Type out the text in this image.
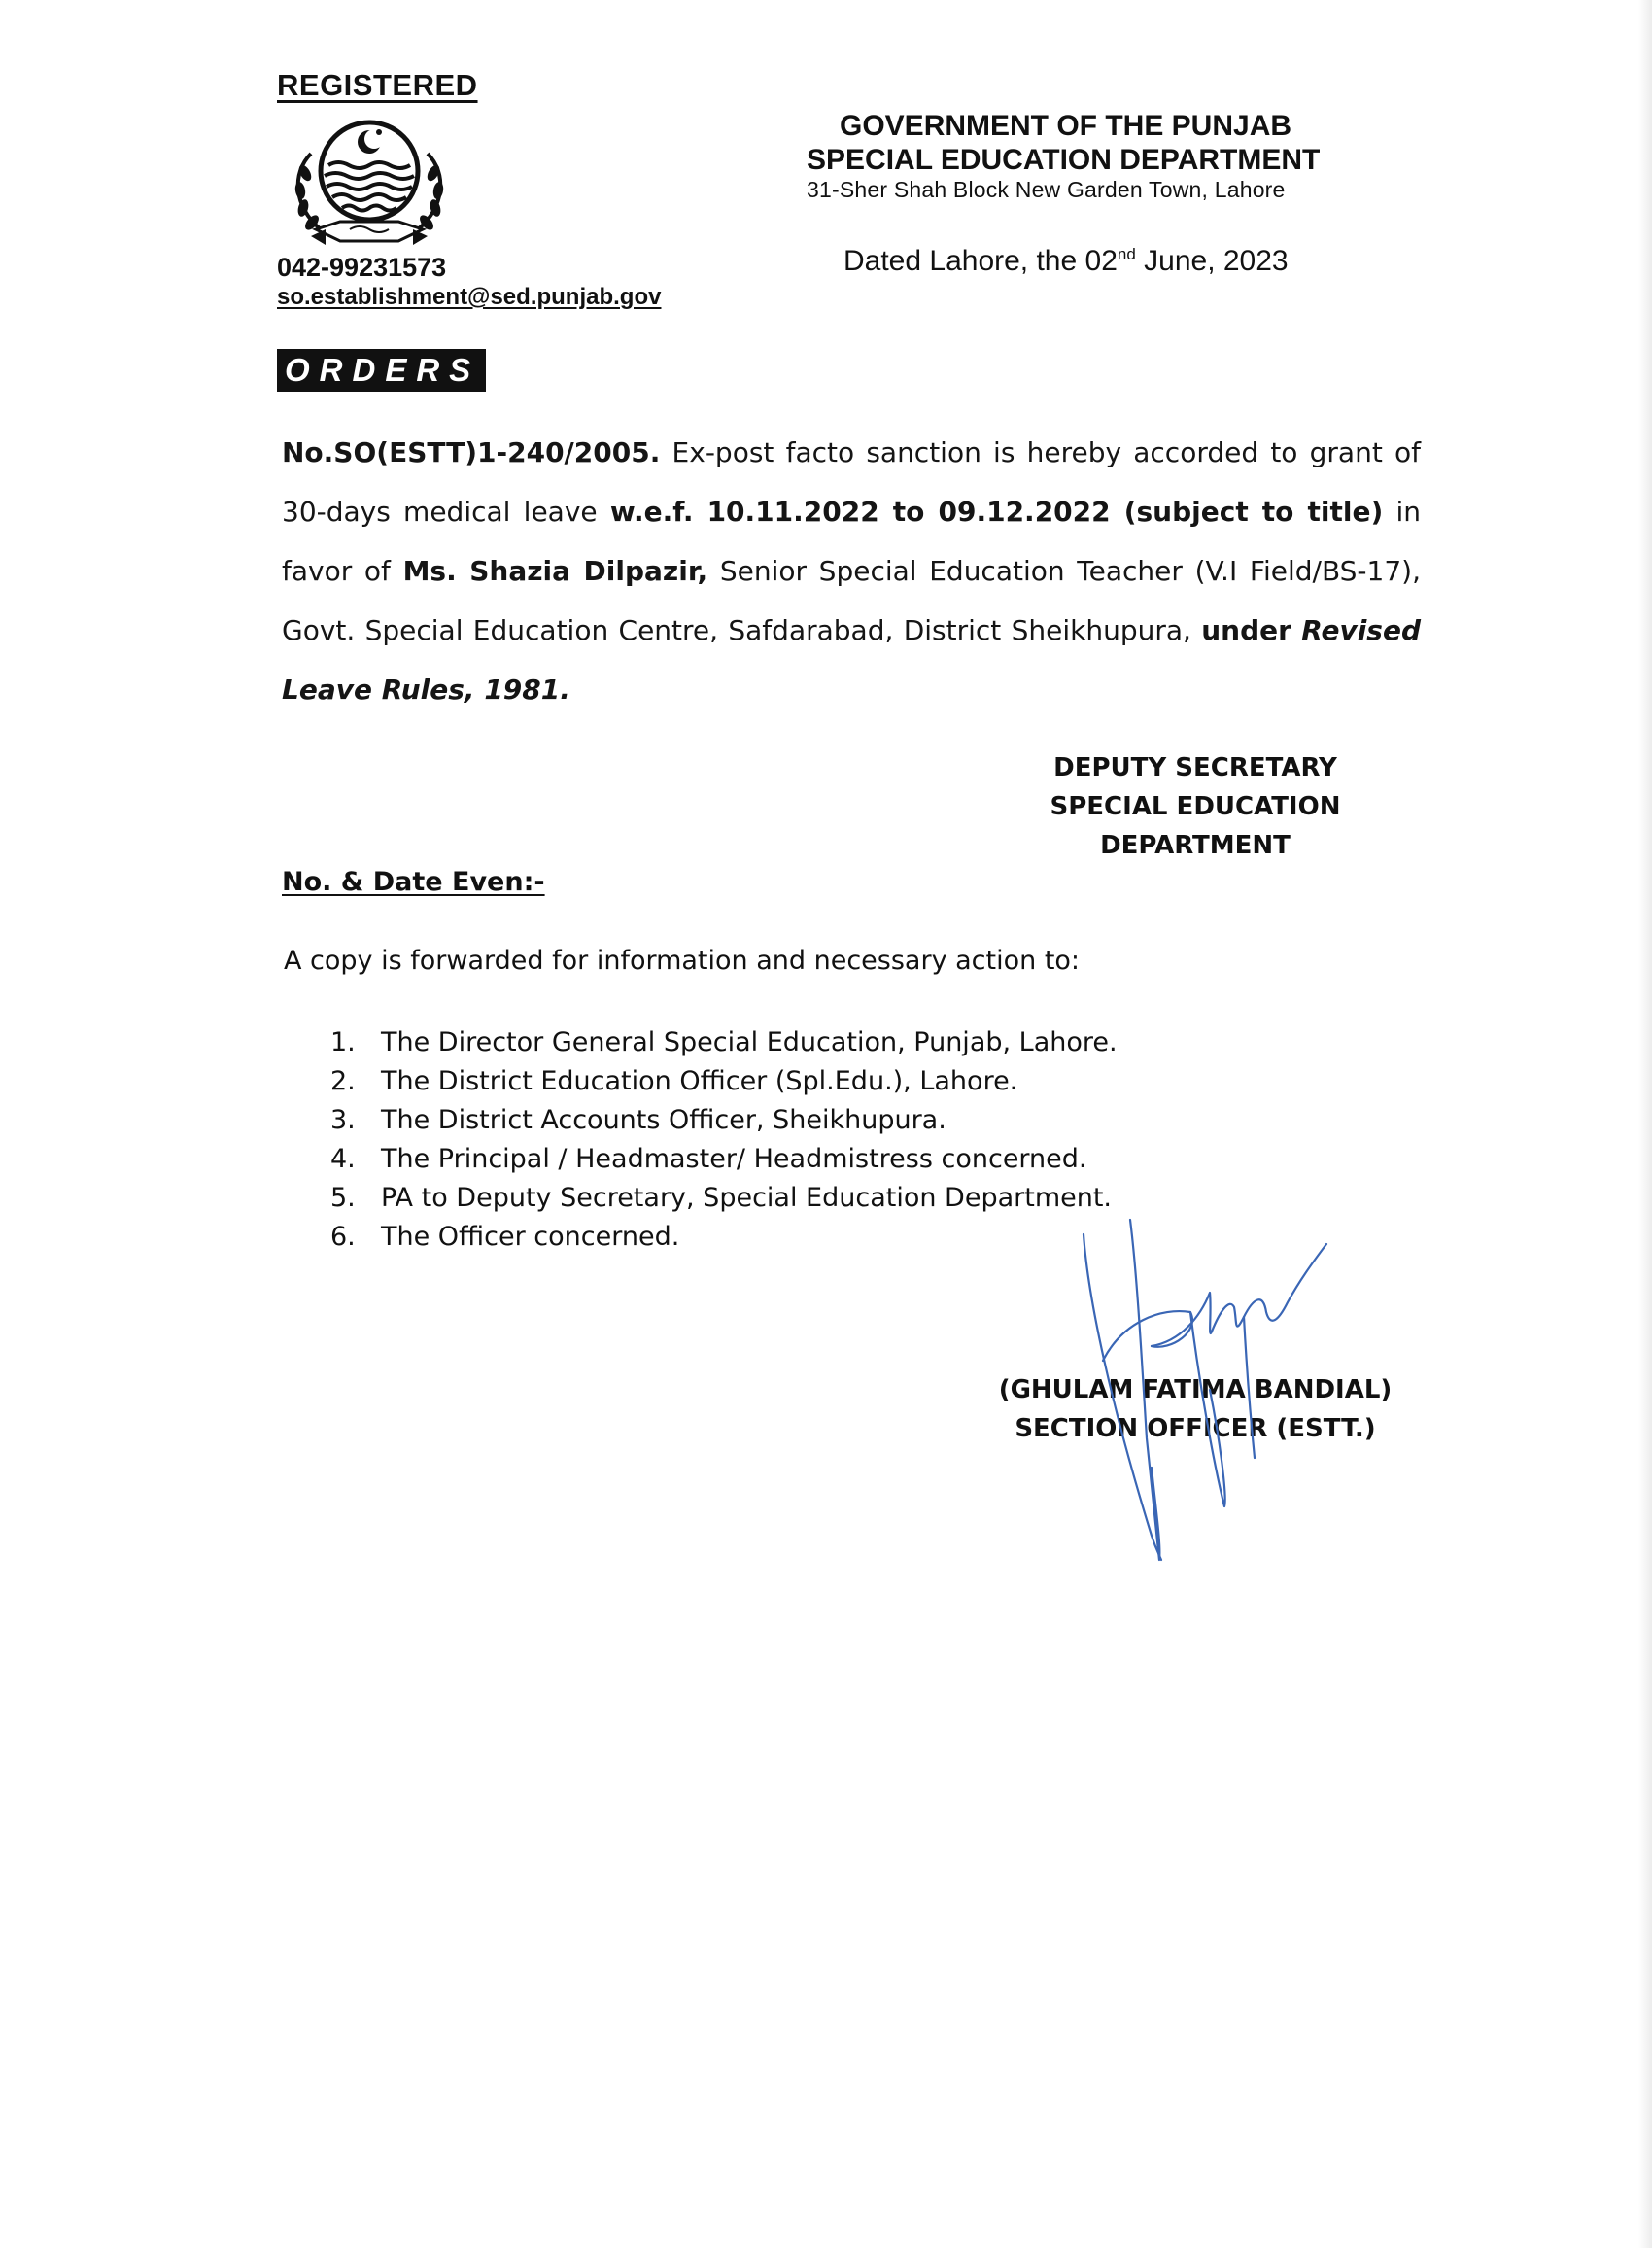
REGISTERED
042-99231573
so.establishment@sed.punjab.gov
GOVERNMENT OF THE PUNJAB
SPECIAL EDUCATION DEPARTMENT
31-Sher Shah Block New Garden Town, Lahore
Dated Lahore, the 02nd June, 2023
ORDERS
No.SO(ESTT)1-240/2005. Ex-post facto sanction is hereby accorded to grant of 30-days medical leave w.e.f. 10.11.2022 to 09.12.2022 (subject to title) in favor of Ms. Shazia Dilpazir, Senior Special Education Teacher (V.I Field/BS-17), Govt. Special Education Centre, Safdarabad, District Sheikhupura, under Revised Leave Rules, 1981.
DEPUTY SECRETARY
SPECIAL EDUCATION
DEPARTMENT
No. & Date Even:-
A copy is forwarded for information and necessary action to:
1. The Director General Special Education, Punjab, Lahore.
2. The District Education Officer (Spl.Edu.), Lahore.
3. The District Accounts Officer, Sheikhupura.
4. The Principal / Headmaster/ Headmistress concerned.
5. PA to Deputy Secretary, Special Education Department.
6. The Officer concerned.
(GHULAM FATIMA BANDIAL)
SECTION OFFICER (ESTT.)
